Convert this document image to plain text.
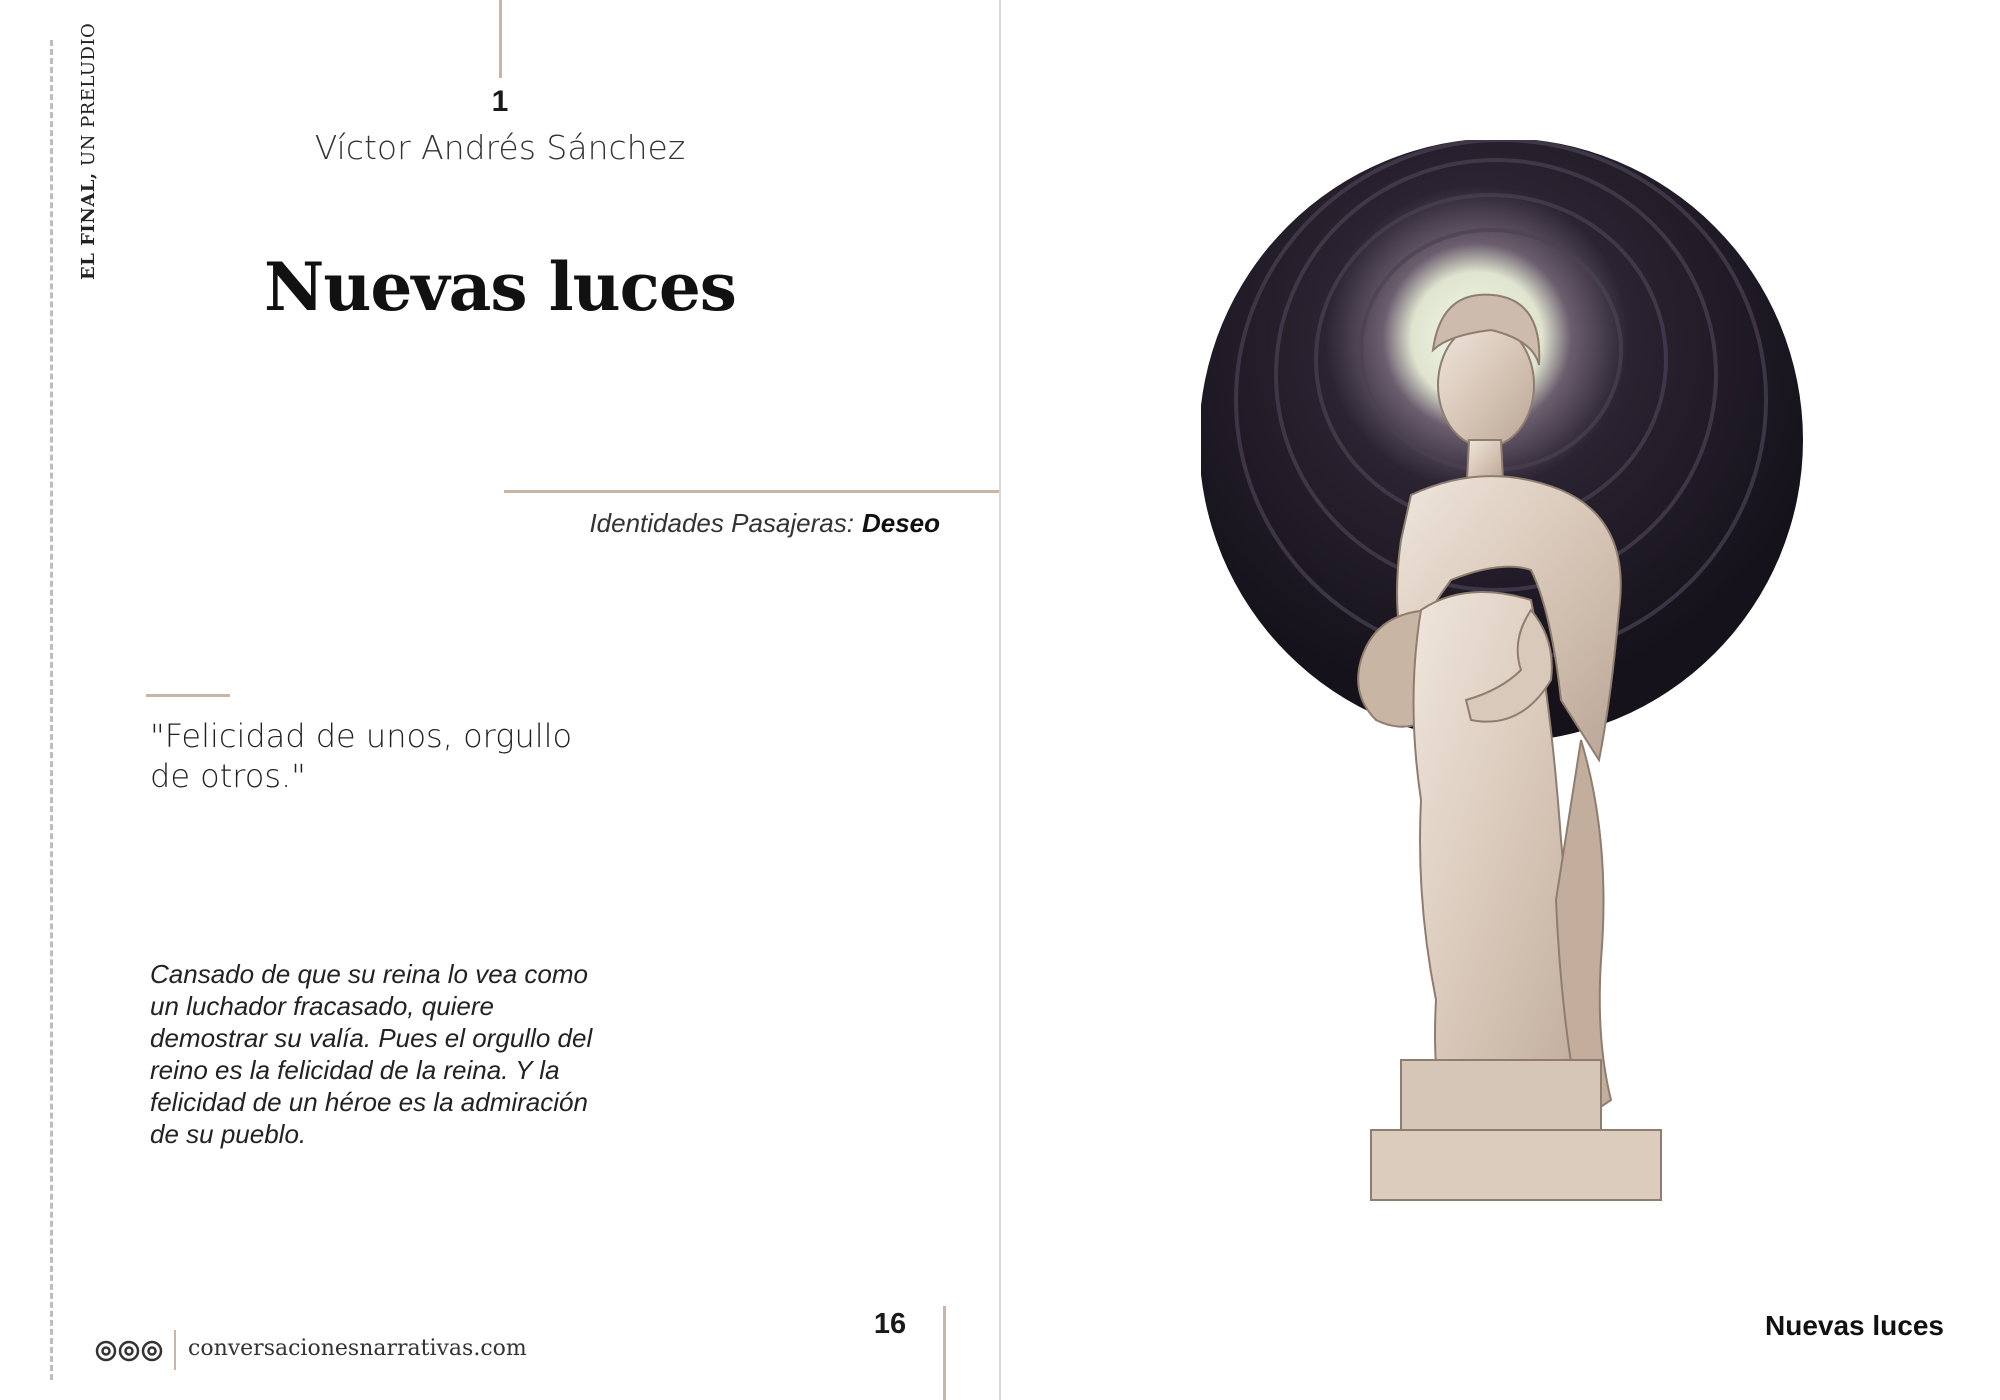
EL FINAL, UN PRELUDIO	1
Víctor Andrés Sánchez
Nuevas luces
Identidades Pasajeras: Deseo
"Felicidad de unos, orgullo de otros."
Cansado de que su reina lo vea como un luchador fracasado, quiere demostrar su valía. Pues el orgullo del reino es la felicidad de la reina. Y la felicidad de un héroe es la admiración de su pueblo.
conversacionesnarrativas.com
16	Nuevas luces
